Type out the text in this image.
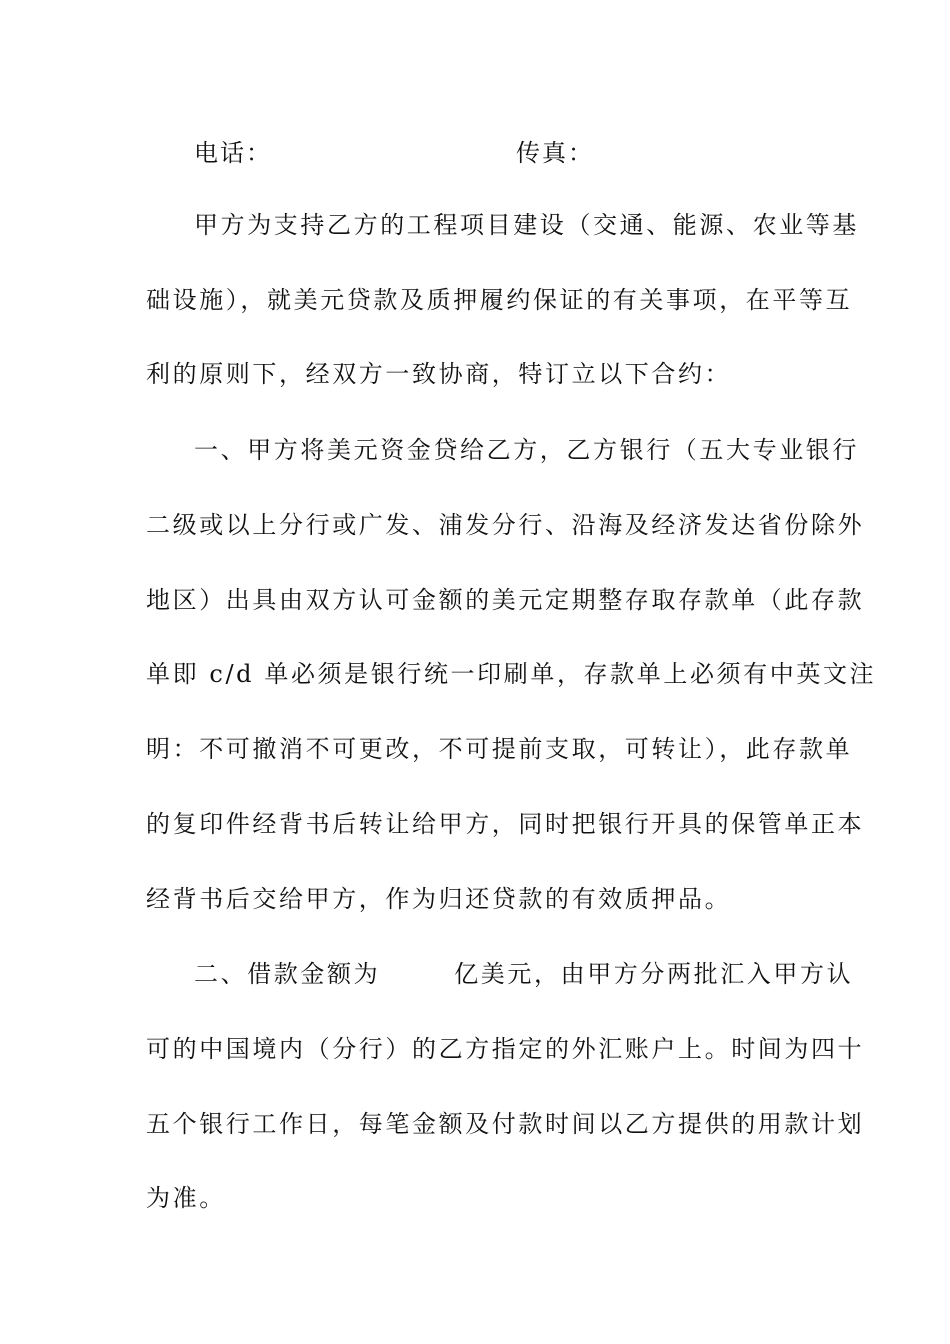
电话：	传真：
甲方为支持乙方的工程项目建设（交通、能源、农业等基
础设施），就美元贷款及质押履约保证的有关事项，在平等互
利的原则下，经双方一致协商，特订立以下合约：
一、甲方将美元资金贷给乙方，乙方银行（五大专业银行
二级或以上分行或广发、浦发分行、沿海及经济发达省份除外
地区）出具由双方认可金额的美元定期整存取存款单（此存款
单即 c/d 单必须是银行统一印刷单，存款单上必须有中英文注
明：不可撤消不可更改，不可提前支取，可转让），此存款单
的复印件经背书后转让给甲方，同时把银行开具的保管单正本
经背书后交给甲方，作为归还贷款的有效质押品。
二、借款金额为	亿美元，由甲方分两批汇入甲方认
可的中国境内（分行）的乙方指定的外汇账户上。时间为四十
五个银行工作日，每笔金额及付款时间以乙方提供的用款计划
为准。
